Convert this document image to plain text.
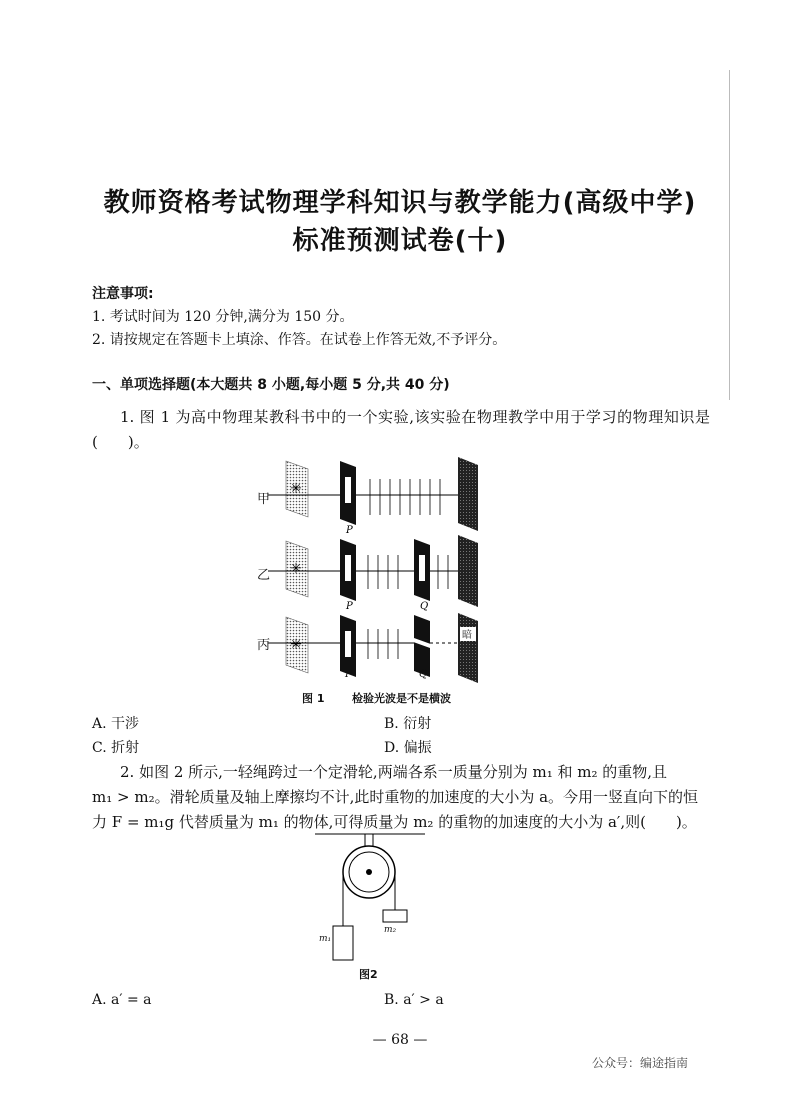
教师资格考试物理学科知识与教学能力(高级中学)
标准预测试卷(十)
注意事项:
1. 考试时间为 120 分钟,满分为 150 分。
2. 请按规定在答题卡上填涂、作答。在试卷上作答无效,不予评分。
一、单项选择题(本大题共 8 小题,每小题 5 分,共 40 分)
1. 图 1 为高中物理某教科书中的一个实验,该实验在物理教学中用于学习的物理知识是(　　)。
✳
P
✳
P	Q
✳
甲
乙
丙
P	Q
暗
图 1	检验光波是不是横波
A. 干涉	B. 衍射
C. 折射	D. 偏振
2. 如图 2 所示,一轻绳跨过一个定滑轮,两端各系一质量分别为 m₁ 和 m₂ 的重物,且
m₁ > m₂。滑轮质量及轴上摩擦均不计,此时重物的加速度的大小为 a。今用一竖直向下的恒
力 F = m₁g 代替质量为 m₁ 的物体,可得质量为 m₂ 的重物的加速度的大小为 a′,则(　　)。
m₁
m₂
图2
A. a′ = a	B. a′ > a
— 68 —
公众号：编途指南
